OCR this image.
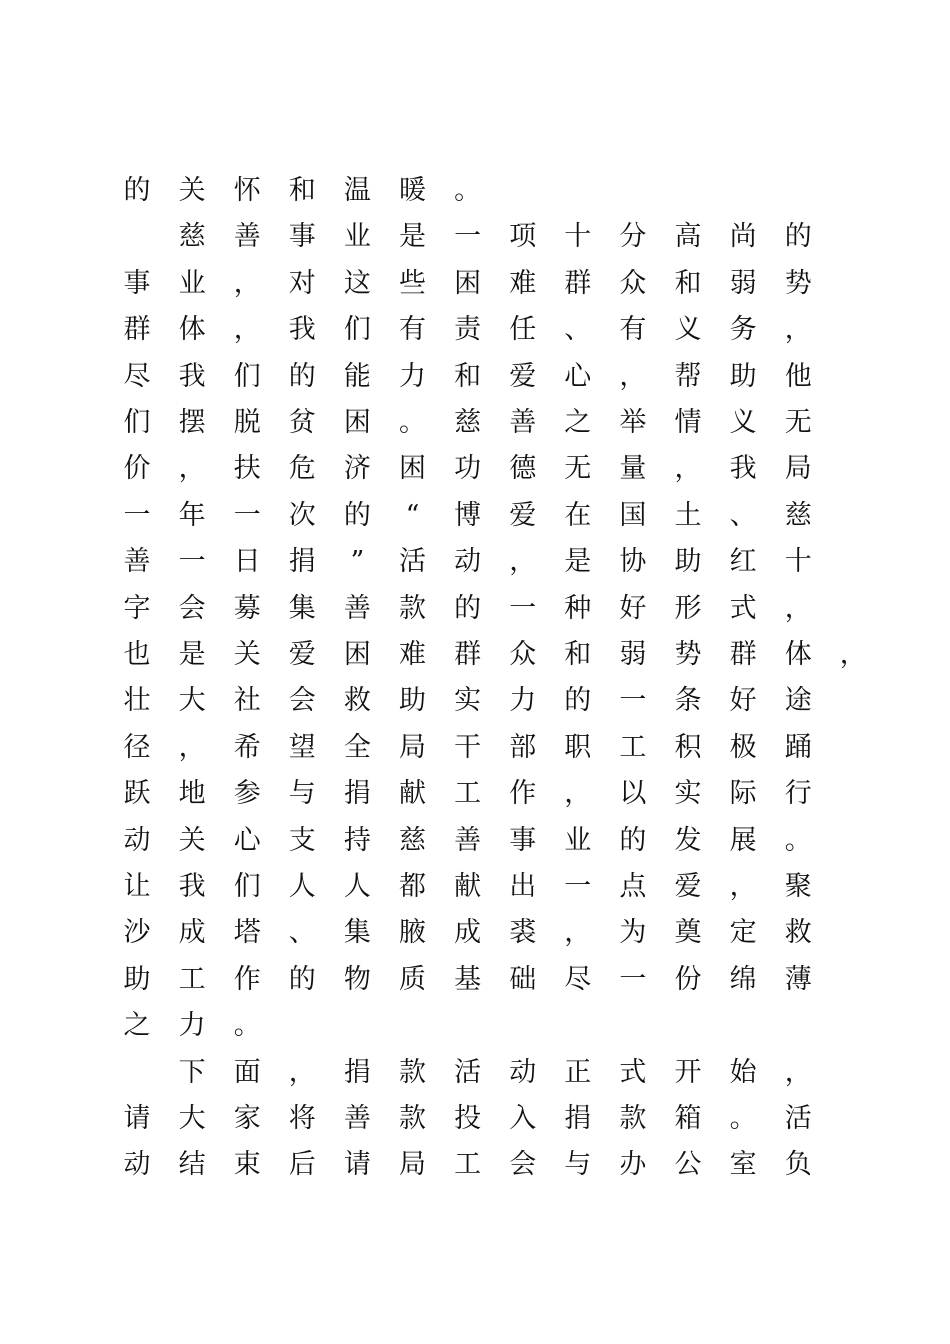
的 关 怀 和 温 暖 。
慈 善 事 业 是 一 项 十 分 高 尚 的
事 业 ， 对 这 些 困 难 群 众 和 弱 势
群 体 ， 我 们 有 责 任 、 有 义 务 ，
尽 我 们 的 能 力 和 爱 心 ， 帮 助 他
们 摆 脱 贫 困 。 慈 善 之 举 情 义 无
价 ， 扶 危 济 困 功 德 无 量 ， 我 局
一 年 一 次 的	“	博 爱 在 国 土 、 慈
善 一 日 捐	”	活 动 ， 是 协 助 红 十
字 会 募 集 善 款 的 一 种 好 形 式 ，
也 是 关 爱 困 难 群 众 和 弱 势 群 体 ，
壮 大 社 会 救 助 实 力 的 一 条 好 途
径 ， 希 望 全 局 干 部 职 工 积 极 踊
跃 地 参 与 捐 献 工 作 ， 以 实 际 行
动 关 心 支 持 慈 善 事 业 的 发 展 。
让 我 们 人 人 都 献 出 一 点 爱 ， 聚
沙 成 塔 、 集 腋 成 裘 ， 为 奠 定 救
助 工 作 的 物 质 基 础 尽 一 份 绵 薄
之 力 。
下 面 ， 捐 款 活 动 正 式 开 始 ，
请 大 家 将 善 款 投 入 捐 款 箱 。 活
动 结 束 后 请 局 工 会 与 办 公 室 负
